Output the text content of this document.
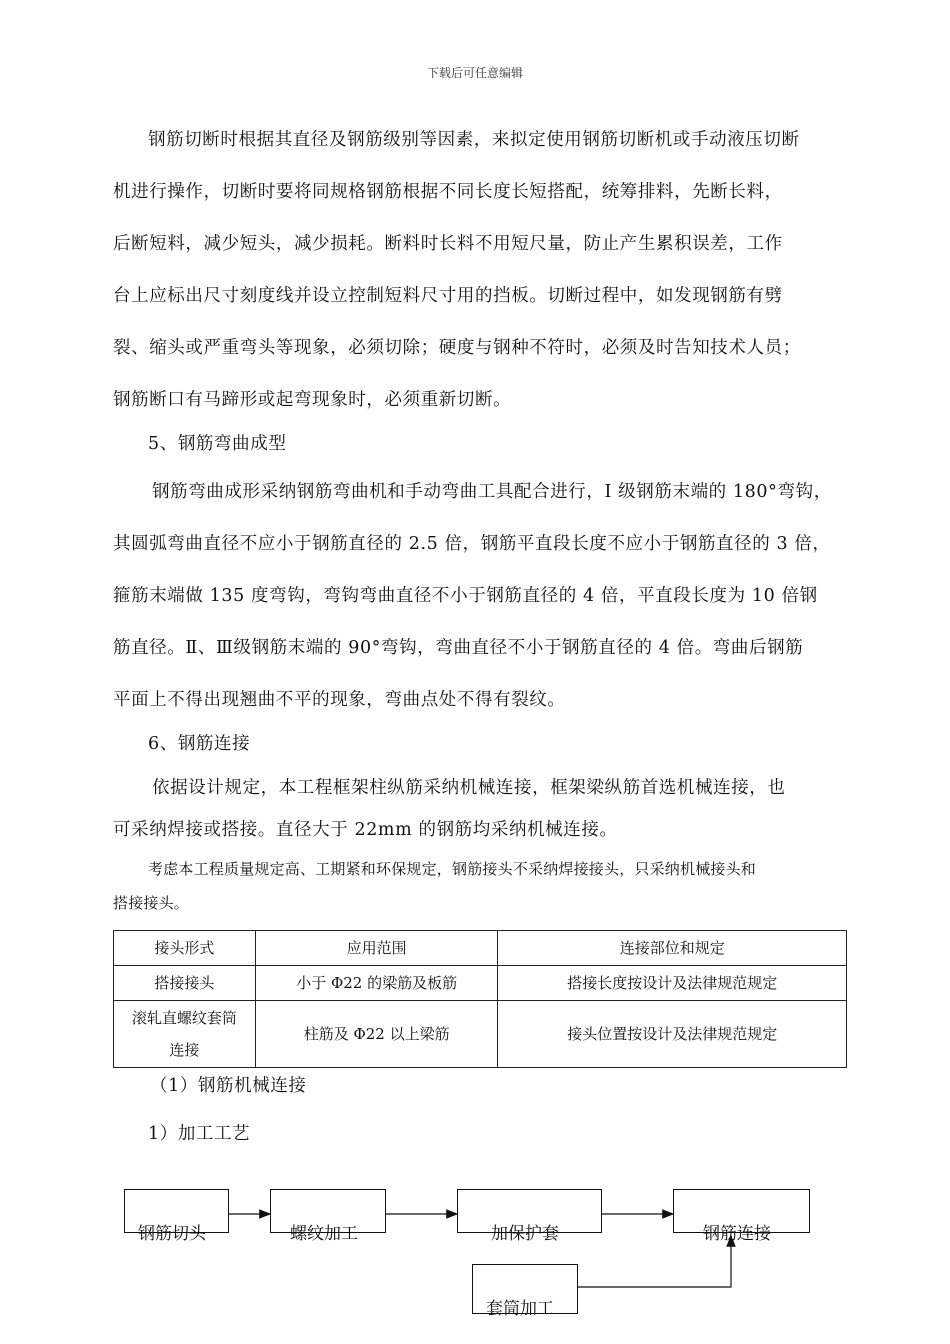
下载后可任意编辑
钢筋切断时根据其直径及钢筋级别等因素，来拟定使用钢筋切断机或手动液压切断
机进行操作，切断时要将同规格钢筋根据不同长度长短搭配，统筹排料，先断长料，
后断短料，减少短头，减少损耗。断料时长料不用短尺量，防止产生累积误差，工作
台上应标出尺寸刻度线并设立控制短料尺寸用的挡板。切断过程中，如发现钢筋有劈
裂、缩头或严重弯头等现象，必须切除；硬度与钢种不符时，必须及时告知技术人员；
钢筋断口有马蹄形或起弯现象时，必须重新切断。
5、钢筋弯曲成型
钢筋弯曲成形采纳钢筋弯曲机和手动弯曲工具配合进行，I 级钢筋末端的 180°弯钩，
其圆弧弯曲直径不应小于钢筋直径的 2.5 倍，钢筋平直段长度不应小于钢筋直径的 3 倍，
箍筋末端做 135 度弯钩，弯钩弯曲直径不小于钢筋直径的 4 倍，平直段长度为 10 倍钢
筋直径。Ⅱ、Ⅲ级钢筋末端的 90°弯钩，弯曲直径不小于钢筋直径的 4 倍。弯曲后钢筋
平面上不得出现翘曲不平的现象，弯曲点处不得有裂纹。
6、钢筋连接
依据设计规定，本工程框架柱纵筋采纳机械连接，框架梁纵筋首选机械连接，也
可采纳焊接或搭接。直径大于 22mm 的钢筋均采纳机械连接。
考虑本工程质量规定高、工期紧和环保规定，钢筋接头不采纳焊接接头，只采纳机械接头和
搭接接头。
接头形式	应用范围	连接部位和规定
搭接接头	小于 Φ22 的梁筋及板筋	搭接长度按设计及法律规范规定
滚轧直螺纹套筒
连接	柱筋及 Φ22 以上梁筋	接头位置按设计及法律规范规定
（1）钢筋机械连接
1）加工工艺
钢筋切头	螺纹加工	加保护套	钢筋连接
套筒加工
